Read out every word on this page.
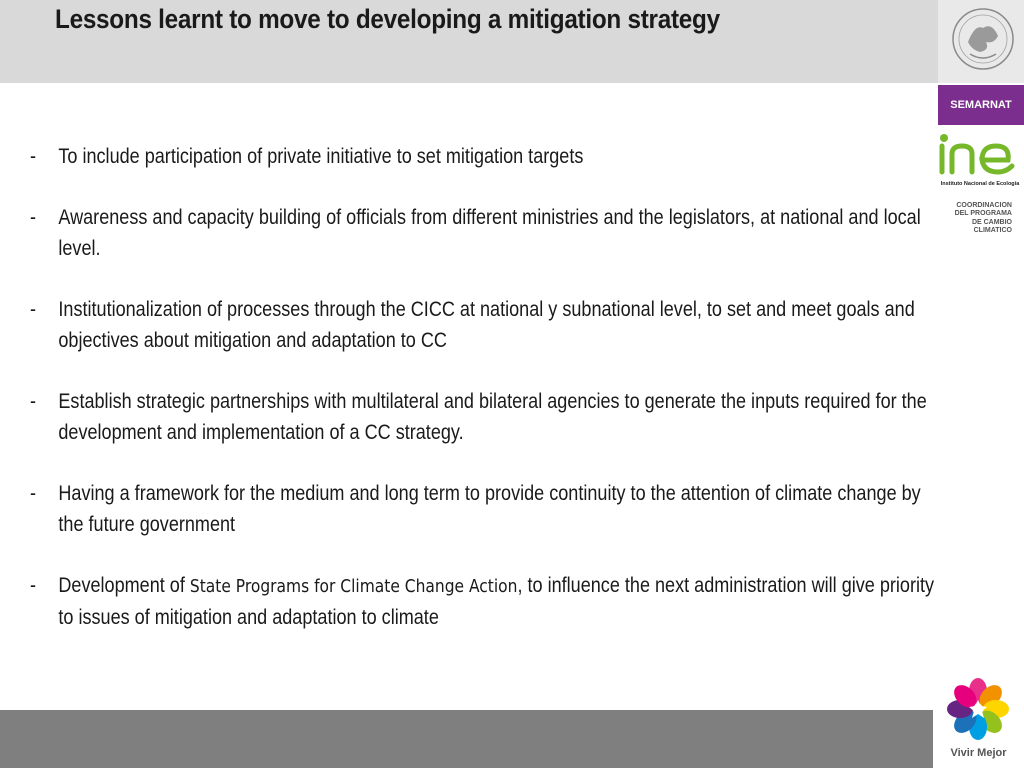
Lessons learnt to move to developing a mitigation strategy
SEMARNAT
Instituto Nacional de Ecología
COORDINACION
DEL PROGRAMA
DE CAMBIO
CLIMATICO
- To include participation of private initiative to set mitigation targets
- Awareness and capacity building of officials from different ministries and the legislators, at national and local level.
- Institutionalization of processes through the CICC at national y subnational level, to set and meet goals and objectives about mitigation and adaptation to CC
- Establish strategic partnerships with multilateral and bilateral agencies to generate the inputs required for the development and implementation of a CC strategy.
- Having a framework for the medium and long term to provide continuity to the attention of climate change by the future government
- Development of State Programs for Climate Change Action, to influence the next administration will give priority to issues of mitigation and adaptation to climate
Vivir Mejor
